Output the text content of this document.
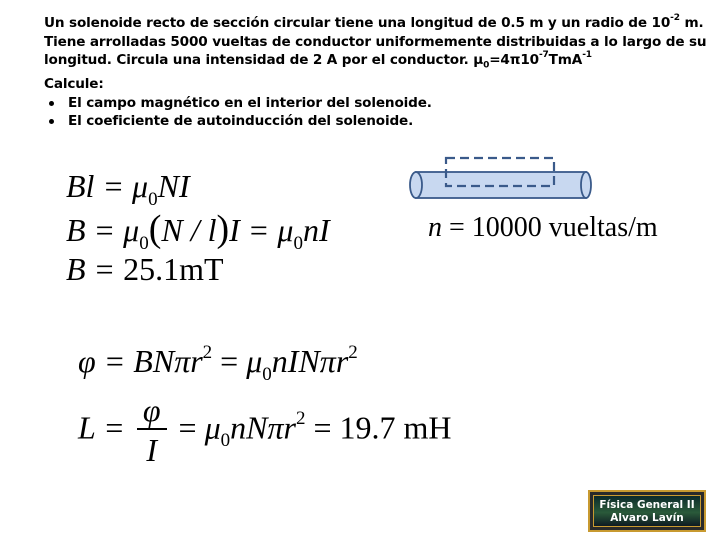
Un solenoide recto de sección circular tiene una longitud de 0.5 m y un radio de $10^{-2}$ m.
Tiene arrolladas 5000 vueltas de conductor uniformemente distribuidas a lo largo de su
longitud. Circula una intensidad de 2 A por el conductor. $\mu_0=4\pi 10^{-7}TmA^{-1}$
Calcule:
El campo magnético en el interior del solenoide.
El coeficiente de autoinducción del solenoide.
$Bl = \mu_0NI$
$B = \mu_0(N / l)I = \mu_0nI$
B = 25.1mT
n = 10000 vueltas/m
$\varphi = BN\pi r^2 = \mu_0nIN\pi r^2$
$L = \frac{\varphi}{I} = \mu_0nN\pi r^2 = 19.7$ mH
Física General II
Alvaro Lavín
